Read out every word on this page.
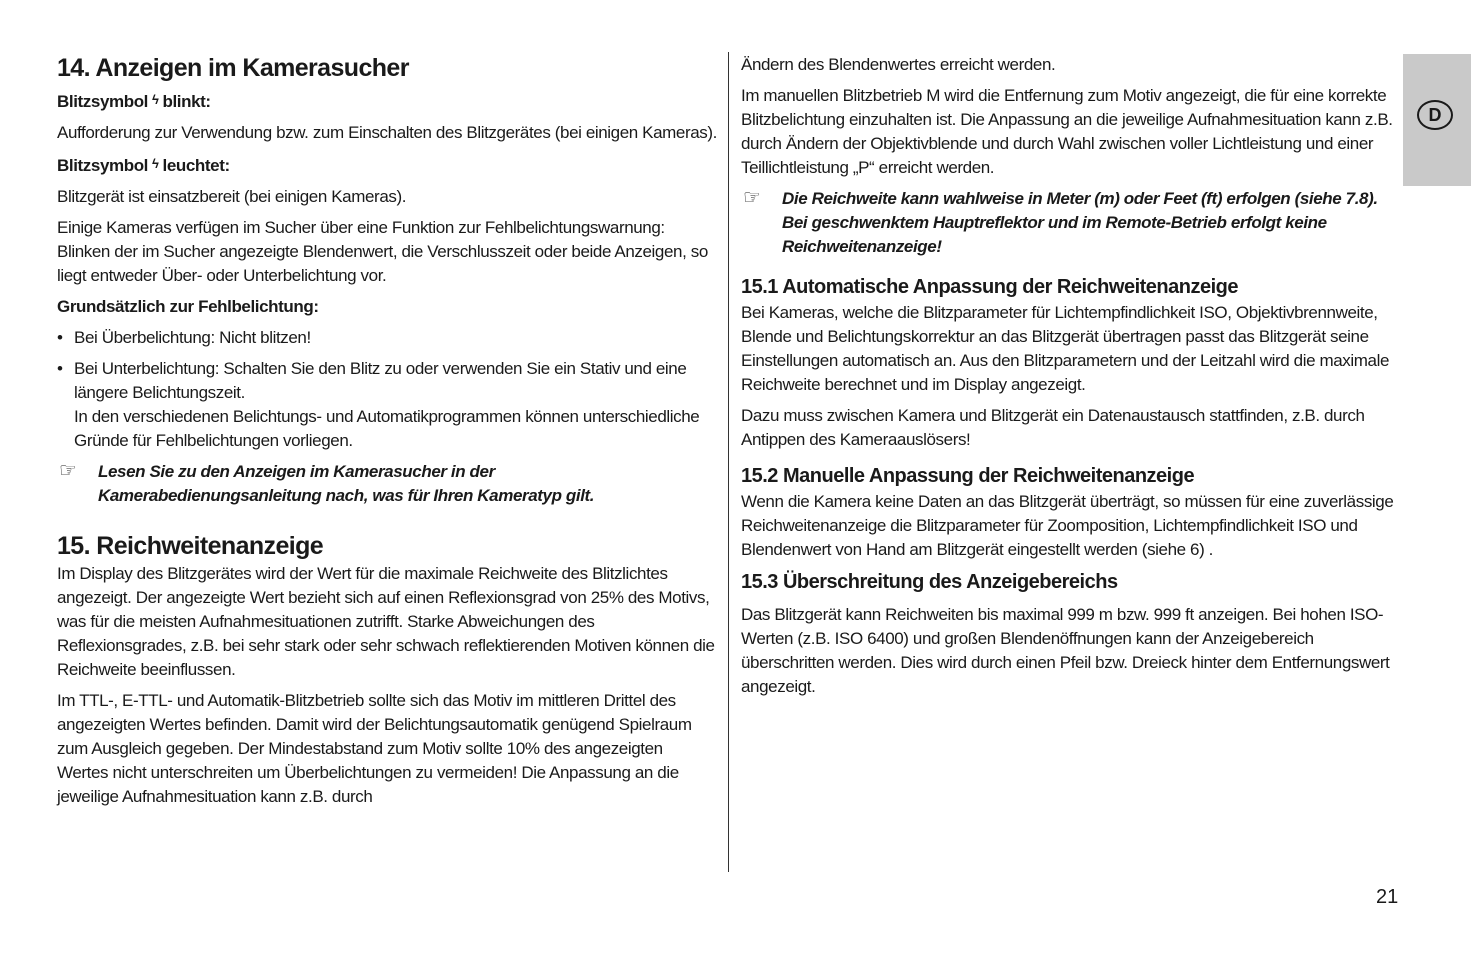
14. Anzeigen im Kamerasucher
Blitzsymbol ϟ blinkt:

Aufforderung zur Verwendung bzw. zum Einschalten des Blitzgerätes (bei einigen Kameras).

Blitzsymbol ϟ leuchtet:

Blitzgerät ist einsatzbereit (bei einigen Kameras).

Einige Kameras verfügen im Sucher über eine Funktion zur Fehlbelichtungswarnung: Blinken der im Sucher angezeigte Blendenwert, die Verschlusszeit oder beide Anzeigen, so liegt entweder Über- oder Unterbelichtung vor.

Grundsätzlich zur Fehlbelichtung:

• Bei Überbelichtung: Nicht blitzen!

• Bei Unterbelichtung: Schalten Sie den Blitz zu oder verwenden Sie ein Stativ und eine längere Belichtungszeit.
In den verschiedenen Belichtungs- und Automatikprogrammen können unterschiedliche Gründe für Fehlbelichtungen vorliegen.

☞ Lesen Sie zu den Anzeigen im Kamerasucher in der Kamerabedienungsanleitung nach, was für Ihren Kameratyp gilt.

15. Reichweitenanzeige

Im Display des Blitzgerätes wird der Wert für die maximale Reichweite des Blitzlichtes angezeigt. Der angezeigte Wert bezieht sich auf einen Reflexionsgrad von 25% des Motivs, was für die meisten Aufnahmesituationen zutrifft. Starke Abweichungen des Reflexionsgrades, z.B. bei sehr stark oder sehr schwach reflektierenden Motiven können die Reichweite beeinflussen.

Im TTL-, E-TTL- und Automatik-Blitzbetrieb sollte sich das Motiv im mittleren Drittel des angezeigten Wertes befinden. Damit wird der Belichtungsautomatik genügend Spielraum zum Ausgleich gegeben. Der Mindestabstand zum Motiv sollte 10% des angezeigten Wertes nicht unterschreiten um Überbelichtungen zu vermeiden! Die Anpassung an die jeweilige Aufnahmesituation kann z.B. durch

Ändern des Blendenwertes erreicht werden.

Im manuellen Blitzbetrieb M wird die Entfernung zum Motiv angezeigt, die für eine korrekte Blitzbelichtung einzuhalten ist. Die Anpassung an die jeweilige Aufnahmesituation kann z.B. durch Ändern der Objektivblende und durch Wahl zwischen voller Lichtleistung und einer Teillichtleistung „P“ erreicht werden.

☞ Die Reichweite kann wahlweise in Meter (m) oder Feet (ft) erfolgen (siehe 7.8). Bei geschwenktem Hauptreflektor und im Remote-Betrieb erfolgt keine Reichweitenanzeige!

15.1 Automatische Anpassung der Reichweitenanzeige

Bei Kameras, welche die Blitzparameter für Lichtempfindlichkeit ISO, Objektivbrennweite, Blende und Belichtungskorrektur an das Blitzgerät übertragen passt das Blitzgerät seine Einstellungen automatisch an. Aus den Blitzparametern und der Leitzahl wird die maximale Reichweite berechnet und im Display angezeigt.

Dazu muss zwischen Kamera und Blitzgerät ein Datenaustausch stattfinden, z.B. durch Antippen des Kameraauslösers!

15.2 Manuelle Anpassung der Reichweitenanzeige

Wenn die Kamera keine Daten an das Blitzgerät überträgt, so müssen für eine zuverlässige Reichweitenanzeige die Blitzparameter für Zoomposition, Lichtempfindlichkeit ISO und Blendenwert von Hand am Blitzgerät eingestellt werden (siehe 6) .

15.3 Überschreitung des Anzeigebereichs

Das Blitzgerät kann Reichweiten bis maximal 999 m bzw. 999 ft anzeigen. Bei hohen ISO-Werten (z.B. ISO 6400) und großen Blendenöffnungen kann der Anzeigebereich überschritten werden. Dies wird durch einen Pfeil bzw. Dreieck hinter dem Entfernungswert angezeigt.

D
21
